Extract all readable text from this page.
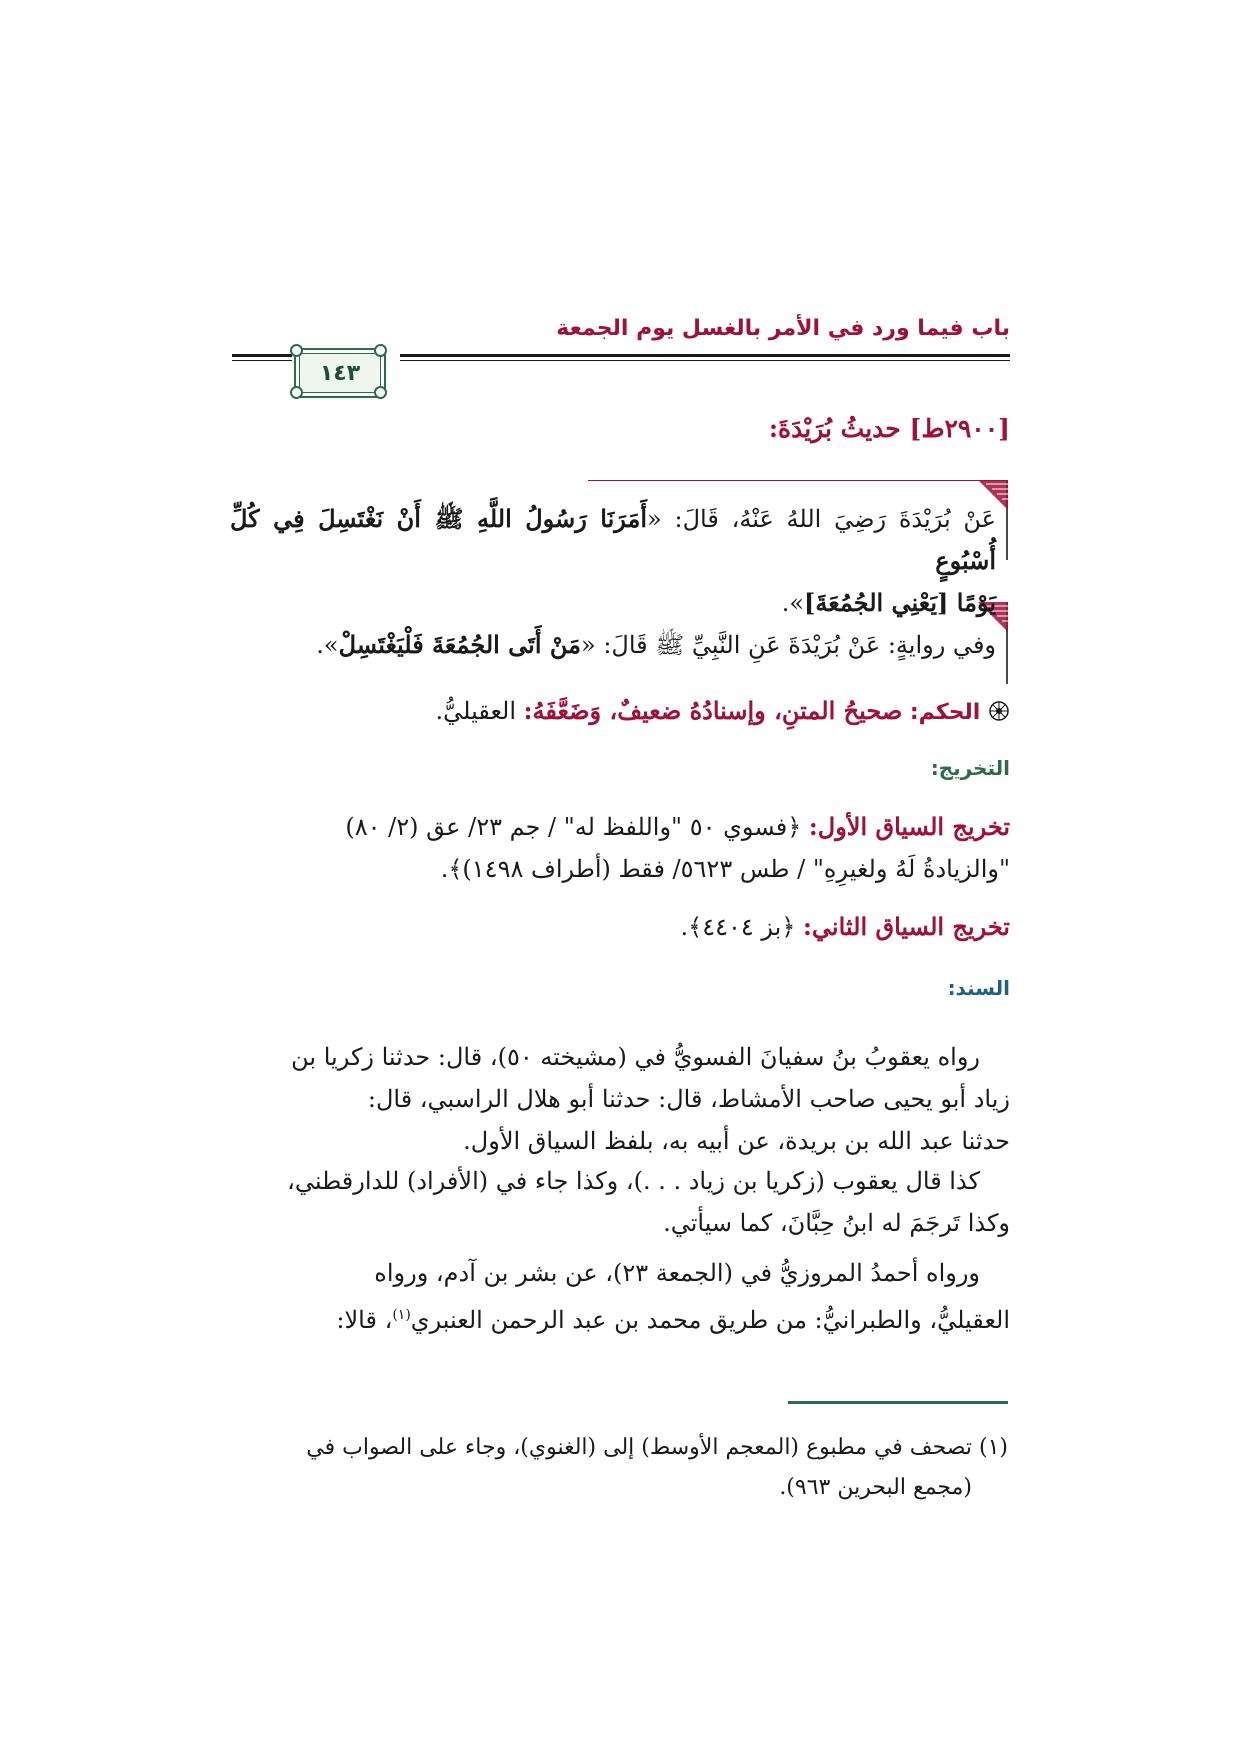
باب فيما ورد في الأمر بالغسل يوم الجمعة
١٤٣
[٢٩٠٠ط] حديثُ بُرَيْدَةَ:
عَنْ بُرَيْدَةَ رَضِيَ اللهُ عَنْهُ، قَالَ: «أَمَرَنَا رَسُولُ اللَّهِ ﷺ أَنْ نَغْتَسِلَ فِي كُلِّ أُسْبُوعٍ
يَوْمًا [يَعْنِي الجُمُعَةَ]».
وفي روايةٍ: عَنْ بُرَيْدَةَ عَنِ النَّبِيِّ ﷺ قَالَ: «مَنْ أَتَى الجُمُعَةَ فَلْيَغْتَسِلْ».
الحكم: صحيحُ المتنِ، وإسنادُهُ ضعيفٌ، وَضَعَّفَهُ: العقيليُّ.
التخريج:
تخريج السياق الأول: ﴿فسوي ٥٠ "واللفظ له" / جم ٢٣/ عق (٢/ ٨٠)
"والزيادةُ لَهُ ولغيرِهِ" / طس ٥٦٢٣/ فقط (أطراف ١٤٩٨)﴾.
تخريج السياق الثاني: ﴿بز ٤٤٠٤﴾.
السند:
رواه يعقوبُ بنُ سفيانَ الفسويُّ في (مشيخته ٥٠)، قال: حدثنا زكريا بن
زياد أبو يحيى صاحب الأمشاط، قال: حدثنا أبو هلال الراسبي، قال:
حدثنا عبد الله بن بريدة، عن أبيه به، بلفظ السياق الأول.
كذا قال يعقوب (زكريا بن زياد . . .)، وكذا جاء في (الأفراد) للدارقطني،
وكذا تَرجَمَ له ابنُ حِبَّانَ، كما سيأتي.
ورواه أحمدُ المروزيُّ في (الجمعة ٢٣)، عن بشر بن آدم، ورواه
العقيليُّ، والطبرانيُّ: من طريق محمد بن عبد الرحمن العنبري$^{(١)}$، قالا:
(١) تصحف في مطبوع (المعجم الأوسط) إلى (الغنوي)، وجاء على الصواب في
(مجمع البحرين ٩٦٣).
